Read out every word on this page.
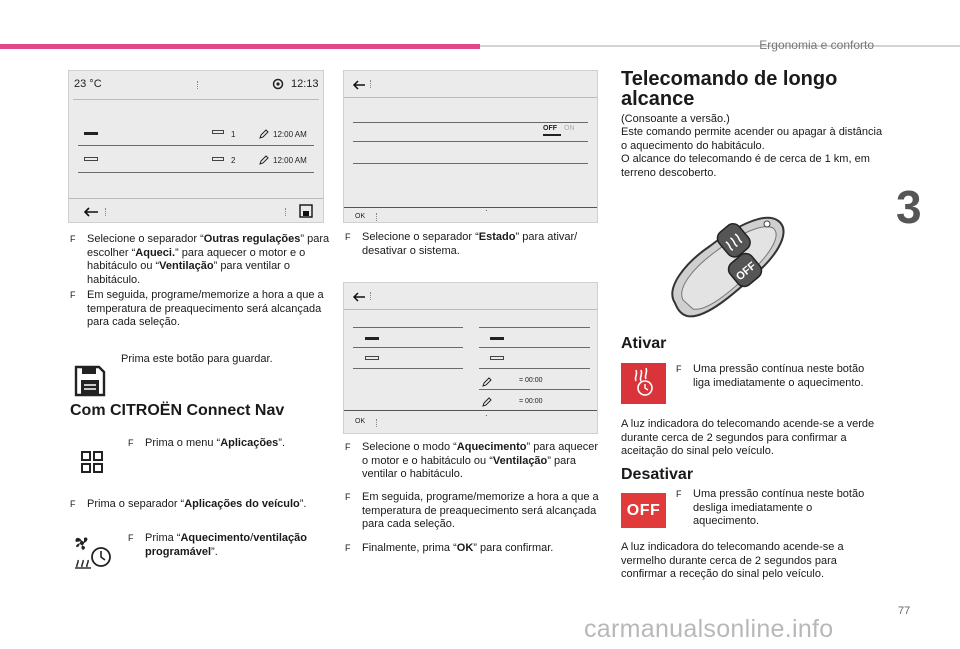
Ergonomia e conforto
3
77
23 °C	12:13
1	12:00 AM
2	12:00 AM
OFF ON
OK
·
= 00:00
= 00:00
OK
·
F Selecione o separador “Outras regulações” para escolher “Aqueci.” para aquecer o motor e o habitáculo ou “Ventilação” para ventilar o habitáculo.
F Em seguida, programe/memorize a hora a que a temperatura de preaquecimento será alcançada para cada seleção.

Prima este botão para guardar.

Com CITROËN Connect Nav
F Prima o menu “Aplicações”.
F Prima o separador “Aplicações do veículo”.
F Prima “Aquecimento/ventilação programável”.
F Selecione o separador “Estado” para ativar/ desativar o sistema.
F Selecione o modo “Aquecimento” para aquecer o motor e o habitáculo ou “Ventilação” para ventilar o habitáculo.
F Em seguida, programe/memorize a hora a que a temperatura de preaquecimento será alcançada para cada seleção.
F Finalmente, prima “OK” para confirmar.
Telecomando de longo alcance

(Consoante a versão.)

Este comando permite acender ou apagar à distância o aquecimento do habitáculo.

O alcance do telecomando é de cerca de 1 km, em terreno descoberto.

OFF
Ativar
F Uma pressão contínua neste botão liga imediatamente o aquecimento.

A luz indicadora do telecomando acende-se a verde durante cerca de 2 segundos para confirmar a aceitação do sinal pelo veículo.

Desativar
OFF
F Uma pressão contínua neste botão desliga imediatamente o aquecimento.

A luz indicadora do telecomando acende-se a vermelho durante cerca de 2 segundos para confirmar a receção do sinal pelo veículo.

carmanualsonline.info
